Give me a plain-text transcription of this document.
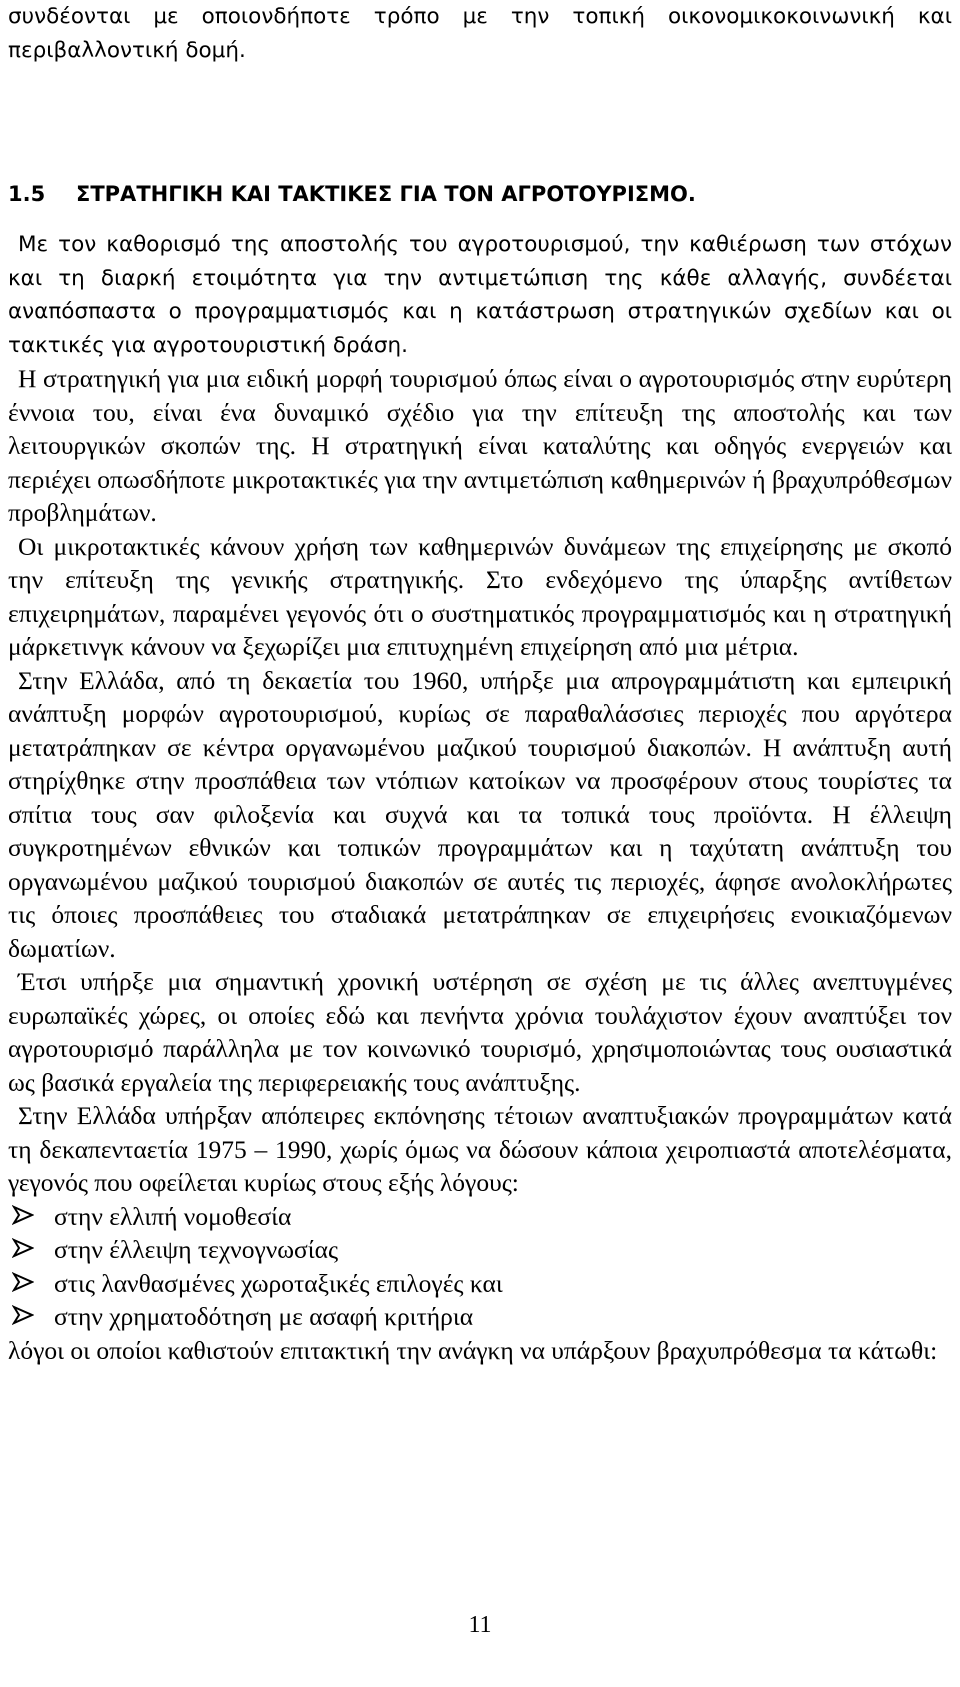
συνδέονται με οποιονδήποτε τρόπο με την τοπική οικονομικοκοινωνική και περιβαλλοντική δομή.

1.5 ΣΤΡΑΤΗΓΙΚΗ ΚΑΙ ΤΑΚΤΙΚΕΣ ΓΙΑ ΤΟΝ ΑΓΡΟΤΟΥΡΙΣΜΟ.

Με τον καθορισμό της αποστολής του αγροτουρισμού, την καθιέρωση των στόχων και τη διαρκή ετοιμότητα για την αντιμετώπιση της κάθε αλλαγής, συνδέεται αναπόσπαστα ο προγραμματισμός και η κατάστρωση στρατηγικών σχεδίων και οι τακτικές για αγροτουριστική δράση.

Η στρατηγική για μια ειδική μορφή τουρισμού όπως είναι ο αγροτουρισμός στην ευρύτερη έννοια του, είναι ένα δυναμικό σχέδιο για την επίτευξη της αποστολής και των λειτουργικών σκοπών της. Η στρατηγική είναι καταλύτης και οδηγός ενεργειών και περιέχει οπωσδήποτε μικροτακτικές για την αντιμετώπιση καθημερινών ή βραχυπρόθεσμων προβλημάτων.

Οι μικροτακτικές κάνουν χρήση των καθημερινών δυνάμεων της επιχείρησης με σκοπό την επίτευξη της γενικής στρατηγικής. Στο ενδεχόμενο της ύπαρξης αντίθετων επιχειρημάτων, παραμένει γεγονός ότι ο συστηματικός προγραμματισμός και η στρατηγική μάρκετινγκ κάνουν να ξεχωρίζει μια επιτυχημένη επιχείρηση από μια μέτρια.

Στην Ελλάδα, από τη δεκαετία του 1960, υπήρξε μια απρογραμμάτιστη και εμπειρική ανάπτυξη μορφών αγροτουρισμού, κυρίως σε παραθαλάσσιες περιοχές που αργότερα μετατράπηκαν σε κέντρα οργανωμένου μαζικού τουρισμού διακοπών. Η ανάπτυξη αυτή στηρίχθηκε στην προσπάθεια των ντόπιων κατοίκων να προσφέρουν στους τουρίστες τα σπίτια τους σαν φιλοξενία και συχνά και τα τοπικά τους προϊόντα. Η έλλειψη συγκροτημένων εθνικών και τοπικών προγραμμάτων και η ταχύτατη ανάπτυξη του οργανωμένου μαζικού τουρισμού διακοπών σε αυτές τις περιοχές, άφησε ανολοκλήρωτες τις όποιες προσπάθειες του σταδιακά μετατράπηκαν σε επιχειρήσεις ενοικιαζόμενων δωματίων.

Έτσι υπήρξε μια σημαντική χρονική υστέρηση σε σχέση με τις άλλες ανεπτυγμένες ευρωπαϊκές χώρες, οι οποίες εδώ και πενήντα χρόνια τουλάχιστον έχουν αναπτύξει τον αγροτουρισμό παράλληλα με τον κοινωνικό τουρισμό, χρησιμοποιώντας τους ουσιαστικά ως βασικά εργαλεία της περιφερειακής τους ανάπτυξης.

Στην Ελλάδα υπήρξαν απόπειρες εκπόνησης τέτοιων αναπτυξιακών προγραμμάτων κατά τη δεκαπενταετία 1975 – 1990, χωρίς όμως να δώσουν κάποια χειροπιαστά αποτελέσματα, γεγονός που οφείλεται κυρίως στους εξής λόγους:

στην ελλιπή νομοθεσία
στην έλλειψη τεχνογνωσίας
στις λανθασμένες χωροταξικές επιλογές και
στην χρηματοδότηση με ασαφή κριτήρια

λόγοι οι οποίοι καθιστούν επιτακτική την ανάγκη να υπάρξουν βραχυπρόθεσμα τα κάτωθι:

11
